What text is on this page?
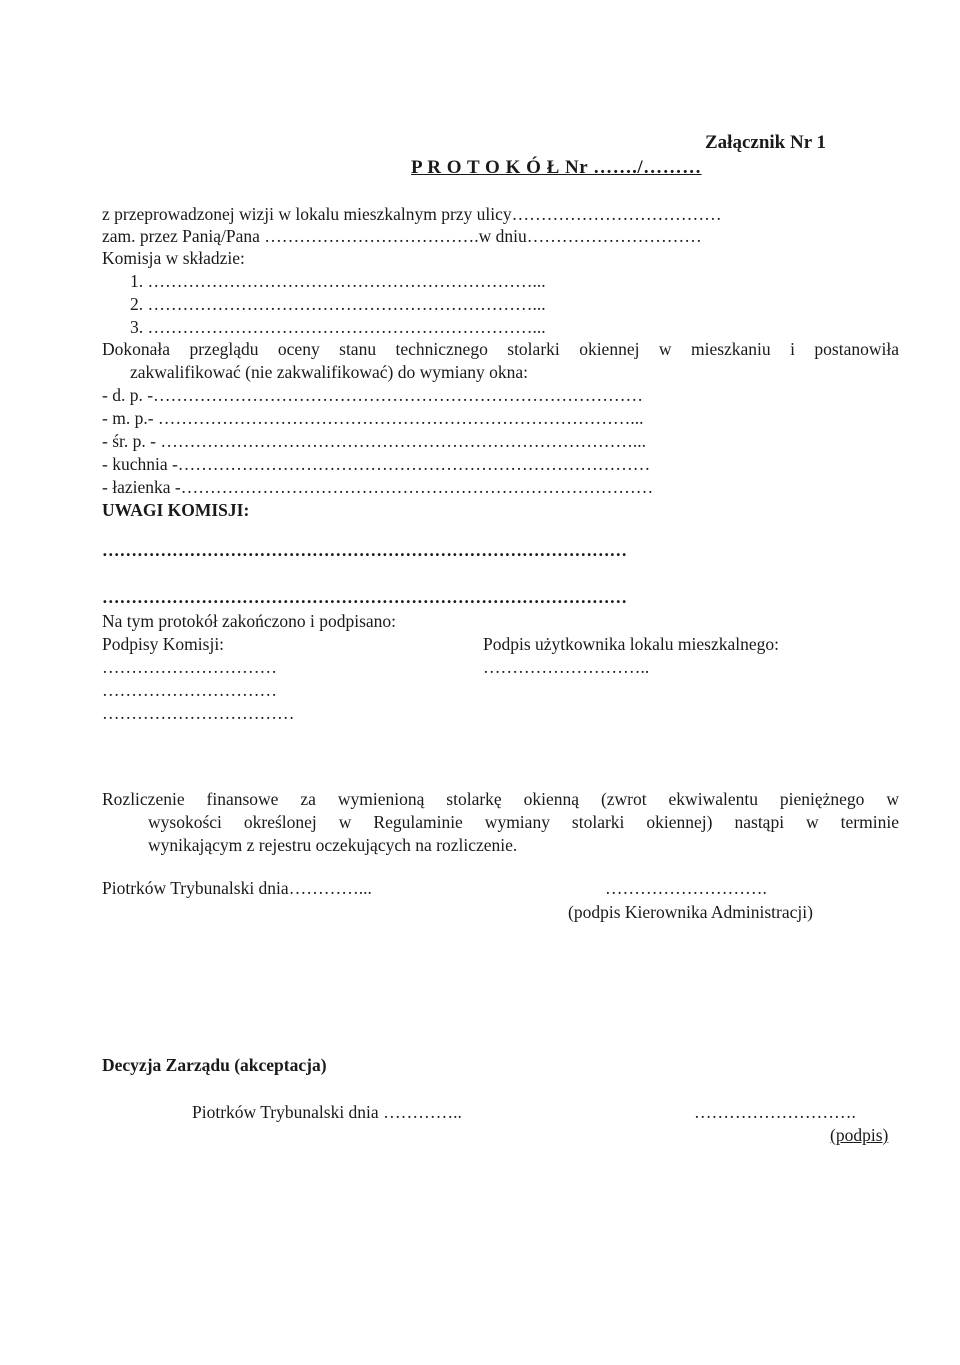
Załącznik Nr 1
P R O T O K Ó Ł Nr ……./………
z przeprowadzonej wizji w lokalu mieszkalnym przy ulicy………………………………
zam. przez Panią/Pana ……………………………….w dniu…………………………
Komisja w składzie:
1. …………………………………………………………...
2. …………………………………………………………...
3. …………………………………………………………...
Dokonała przeglądu oceny stanu technicznego stolarki okiennej w mieszkaniu i postanowiła
zakwalifikować (nie zakwalifikować) do wymiany okna:
- d. p. -…………………………………………………………………………
- m. p.- ………………………………………………………………………...
- śr. p. - ………………………………………………………………………...
- kuchnia -………………………………………………………………………
- łazienka -………………………………………………………………………
UWAGI KOMISJI:
………………………………………………………………………………
………………………………………………………………………………
Na tym protokół zakończono i podpisano:
Podpisy Komisji:	Podpis użytkownika lokalu mieszkalnego:
…………………………	………………………..
…………………………
……………………………
Rozliczenie finansowe za wymienioną stolarkę okienną (zwrot ekwiwalentu pieniężnego w
wysokości określonej w Regulaminie wymiany stolarki okiennej) nastąpi w terminie
wynikającym z rejestru oczekujących na rozliczenie.
Piotrków Trybunalski dnia…………...	……………………….
(podpis Kierownika Administracji)
Decyzja Zarządu (akceptacja)
Piotrków Trybunalski dnia …………..	……………………….
(podpis)
